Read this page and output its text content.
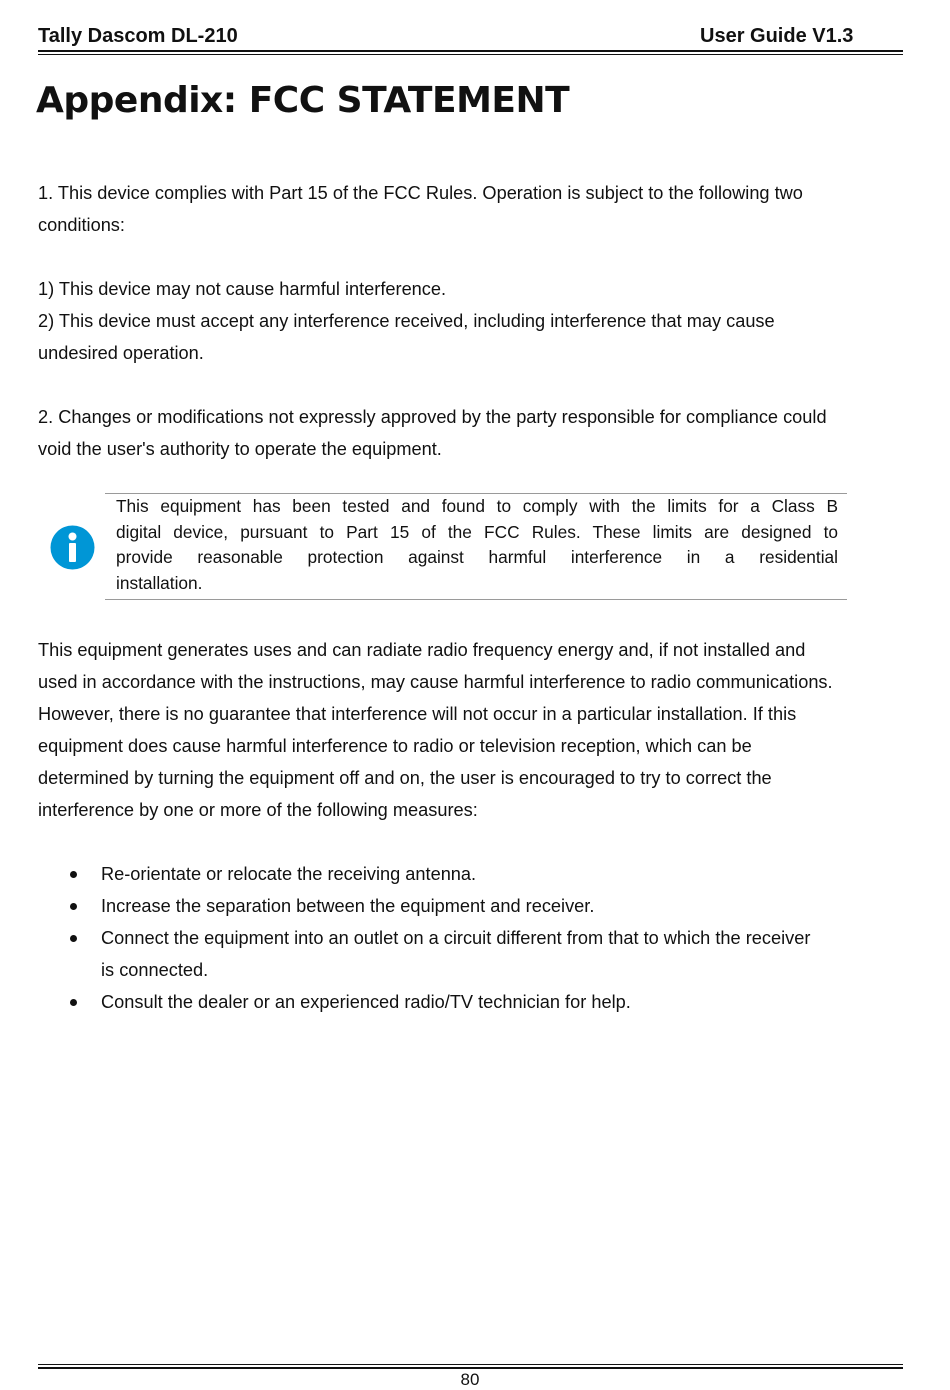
Tally Dascom DL-210	User Guide V1.3
Appendix: FCC STATEMENT
1. This device complies with Part 15 of the FCC Rules. Operation is subject to the following two
conditions:
1) This device may not cause harmful interference.
2) This device must accept any interference received, including interference that may cause
undesired operation.
2. Changes or modifications not expressly approved by the party responsible for compliance could
void the user's authority to operate the equipment.
This equipment has been tested and found to comply with the limits for a Class B
digital device, pursuant to Part 15 of the FCC Rules. These limits are designed to
provide reasonable protection against harmful interference in a residential
installation.
This equipment generates uses and can radiate radio frequency energy and, if not installed and
used in accordance with the instructions, may cause harmful interference to radio communications.
However, there is no guarantee that interference will not occur in a particular installation. If this
equipment does cause harmful interference to radio or television reception, which can be
determined by turning the equipment off and on, the user is encouraged to try to correct the
interference by one or more of the following measures:
Re-orientate or relocate the receiving antenna.
Increase the separation between the equipment and receiver.
Connect the equipment into an outlet on a circuit different from that to which the receiver
is connected.
Consult the dealer or an experienced radio/TV technician for help.
80
